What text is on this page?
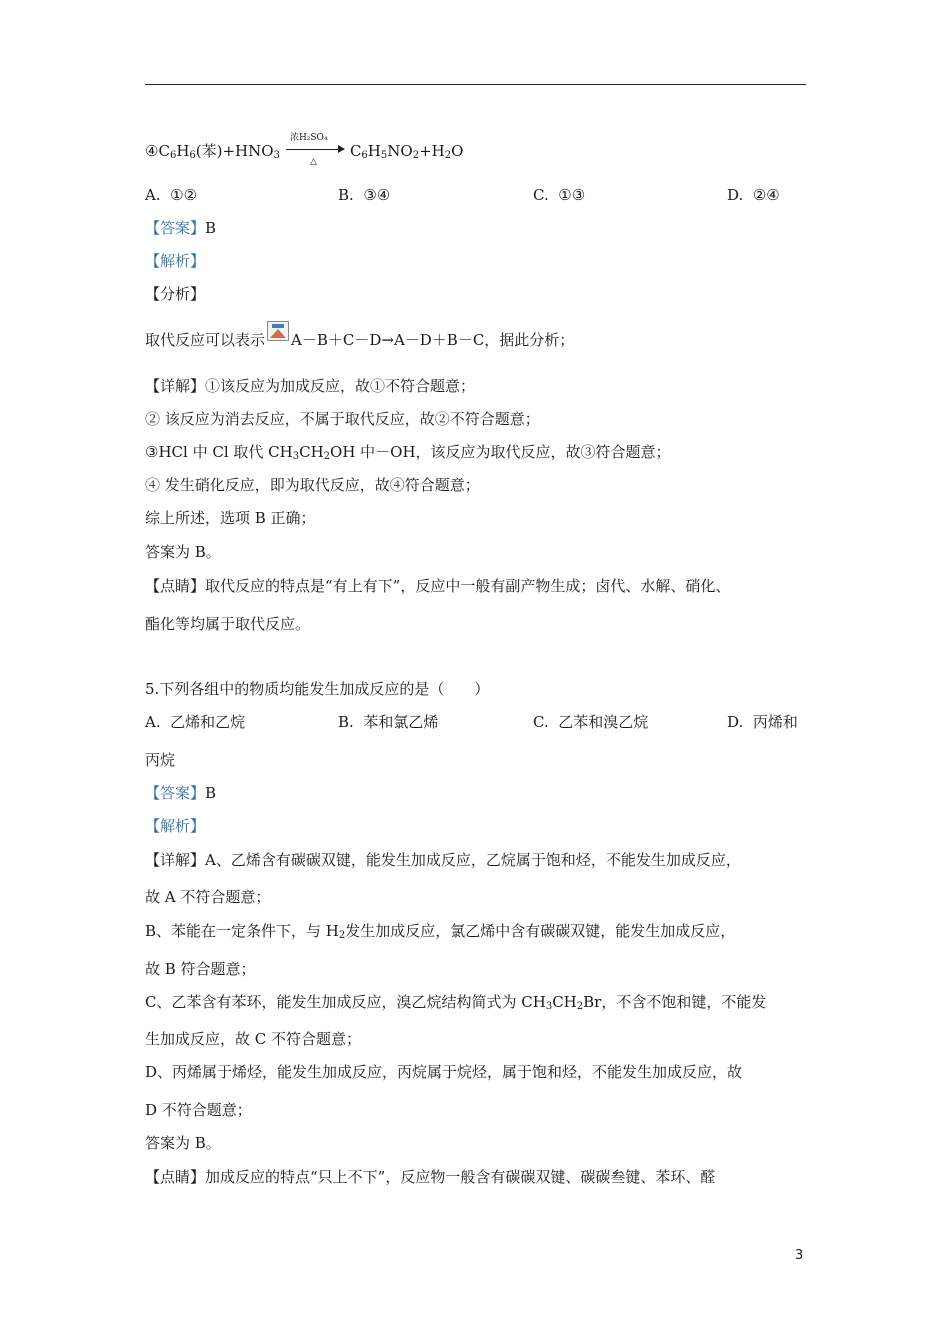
$④C_6H_6$(苯)$+HNO_3$
浓H₂SO₄
△
$C_6H_5NO_2+H_2O$
A. ①②	B. ③④	C. ①③	D. ②④
【答案】B
【解析】
【分析】
取代反应可以表示 A－B＋C－D→A－D＋B－C，据此分析；
【详解】①该反应为加成反应，故①不符合题意；
② 该反应为消去反应，不属于取代反应，故②不符合题意；
③HCl 中 Cl 取代 $CH_3CH_2OH$ 中－OH，该反应为取代反应，故③符合题意；
④ 发生硝化反应，即为取代反应，故④符合题意；
综上所述，选项 B 正确；
答案为 B。
【点睛】取代反应的特点是“有上有下”，反应中一般有副产物生成；卤代、水解、硝化、
酯化等均属于取代反应。
5.下列各组中的物质均能发生加成反应的是（　　）
A. 乙烯和乙烷	B. 苯和氯乙烯	C. 乙苯和溴乙烷	D. 丙烯和
丙烷
【答案】B
【解析】
【详解】A、乙烯含有碳碳双键，能发生加成反应，乙烷属于饱和烃，不能发生加成反应，
故 A 不符合题意；
B、苯能在一定条件下，与 $H_2$发生加成反应，氯乙烯中含有碳碳双键，能发生加成反应，
故 B 符合题意；
C、乙苯含有苯环，能发生加成反应，溴乙烷结构简式为 $CH_3CH_2Br$，不含不饱和键，不能发
生加成反应，故 C 不符合题意；
D、丙烯属于烯烃，能发生加成反应，丙烷属于烷烃，属于饱和烃，不能发生加成反应，故
D 不符合题意；
答案为 B。
【点睛】加成反应的特点“只上不下”，反应物一般含有碳碳双键、碳碳叁键、苯环、醛
3
